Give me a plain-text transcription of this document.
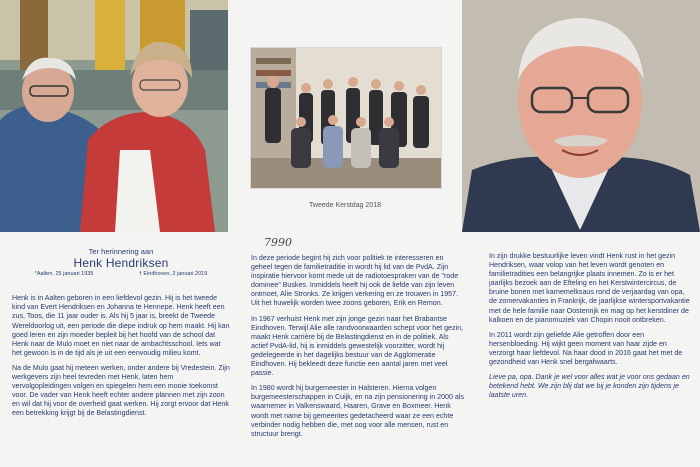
Tweede Kerstdag 2018
7990
Ter herinnering aan
Henk Hendriksen
*Aalten, 25 januari 1935	† Eindhoven, 2 januari 2019

Henk is in Aalten geboren in een liefdevol gezin. Hij is het tweede kind van Evert Hendriksen en Johanna te Hennepe. Henk heeft een zus, Toos, die 11 jaar ouder is. Als hij 5 jaar is, breekt de Tweede Wereldoorlog uit, een periode die diepe indruk op hem maakt. Hij kan goed leren en zijn moeder bepleit bij het hoofd van de school dat Henk naar de Mulo moet en niet naar de ambachtsschool. Iets wat het gewoon is in de tijd als je uit een eenvoudig milieu komt.

Na de Mulo gaat hij meteen werken, onder andere bij Vredestein. Zijn werkgevers zijn heel tevreden met Henk, laten hem vervolgopleidingen volgen en spiegelen hem een mooie toekomst voor. De vader van Henk heeft echter andere plannen met zijn zoon en wil dat hij voor de overheid gaat werken. Hij zorgt ervoor dat Henk een betrekking krijgt bij de Belastingdienst.

In deze periode begint hij zich voor politiek te interesseren en geheel tegen de familietraditie in wordt hij lid van de PvdA. Zijn inspiratie hiervoor komt mede uit de radiotoespraken van de "rode dominee" Buskes. Inmiddels heeft hij ook de liefde van zijn leven ontmoet, Alie Stronks. Ze krijgen verkering en ze trouwen in 1957. Uit het huwelijk worden twee zoons geboren, Erik en Remon.

In 1967 verhuist Henk met zijn jonge gezin naar het Brabantse Eindhoven. Terwijl Alie alle randvoorwaarden schept voor het gezin, maakt Henk carrière bij de Belastingdienst en in de politiek. Als actief PvdA-lid, hij is inmiddels gewestelijk voorzitter, wordt hij gedelegeerde in het dagelijks bestuur van de Agglomeratie Eindhoven. Hij bekleedt deze functie een aantal jaren met veel passie.

In 1980 wordt hij burgemeester in Halsteren. Hierna volgen burgemeesterschappen in Cuijk, en na zijn pensionering in 2000 als waarnemer in Valkenswaard, Haaren, Grave en Boxmeer. Henk wordt met name bij gemeentes gedetacheerd waar ze een echte verbinder nodig hebben die, met oog voor alle mensen, rust en structuur brengt.

In zijn drukke bestuurlijke leven vindt Henk rust in het gezin Hendriksen, waar volop van het leven wordt genoten en familietradities een belangrijke plaats innemen. Zo is er het jaarlijks bezoek aan de Efteling en het Kerstwintercircus, de bruine bonen met karnemelksaus rond de verjaardag van opa, de zomervakanties in Frankrijk, de jaarlijkse wintersportvakantie met de hele familie naar Oostenrijk en mag op het kerstdiner de kalkoen en de pianomuziek van Chopin nooit ontbreken.

In 2011 wordt zijn geliefde Alie getroffen door een hersenbloeding. Hij wijkt geen moment van haar zijde en verzorgt haar liefdevol. Na haar dood in 2016 gaat het met de gezondheid van Henk snel bergafwaarts.

Lieve pa, opa. Dank je wel voor alles wat je voor ons gedaan en betekend hebt. We zijn blij dat we bij je konden zijn tijdens je laatste uren.
